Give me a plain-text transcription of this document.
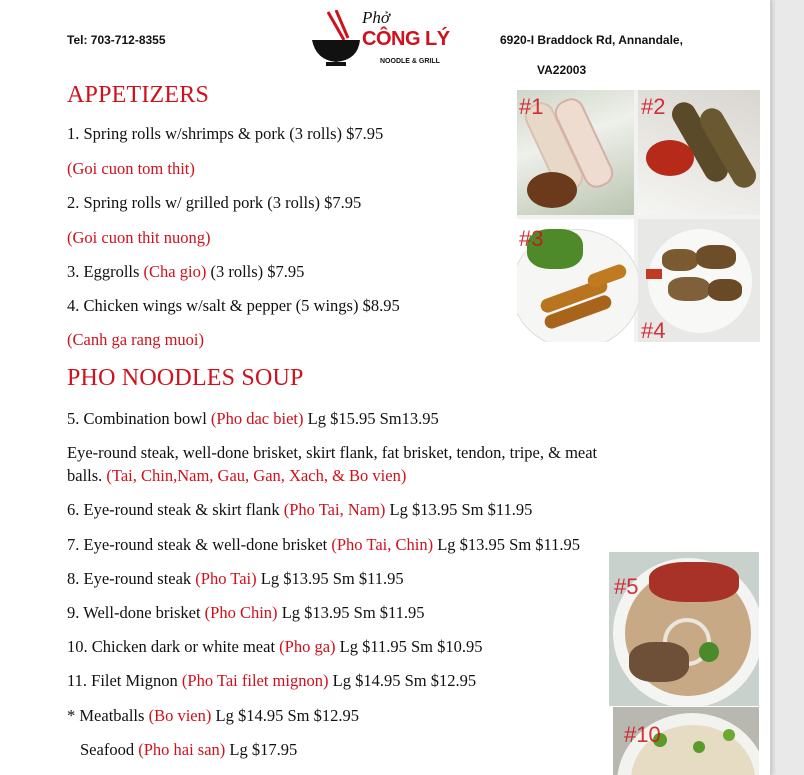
Tel: 703-712-8355	6920-I Braddock Rd, Annandale,
VA22003
Phở
CÔNG LÝ
NOODLE & GRILL
APPETIZERS
1. Spring rolls w/shrimps & pork (3 rolls) $7.95
(Goi cuon tom thit)
2. Spring rolls w/ grilled pork (3 rolls) $7.95
(Goi cuon thit nuong)
3. Eggrolls (Cha gio) (3 rolls) $7.95
4. Chicken wings w/salt & pepper (5 wings) $8.95
(Canh ga rang muoi)
PHO NOODLES SOUP
5. Combination bowl (Pho dac biet) Lg $15.95 Sm13.95
Eye-round steak, well-done brisket, skirt flank, fat brisket, tendon, tripe, & meat
balls. (Tai, Chin,Nam, Gau, Gan, Xach, & Bo vien)
6. Eye-round steak & skirt flank (Pho Tai, Nam) Lg $13.95 Sm $11.95
7. Eye-round steak & well-done brisket (Pho Tai, Chin) Lg $13.95 Sm $11.95
8. Eye-round steak (Pho Tai) Lg $13.95 Sm $11.95
9. Well-done brisket (Pho Chin) Lg $13.95 Sm $11.95
10. Chicken dark or white meat (Pho ga) Lg $11.95 Sm $10.95
11. Filet Mignon (Pho Tai filet mignon) Lg $14.95 Sm $12.95
* Meatballs (Bo vien) Lg $14.95 Sm $12.95
Seafood (Pho hai san) Lg $17.95
#1	#2
#3
#4
#5
#10
